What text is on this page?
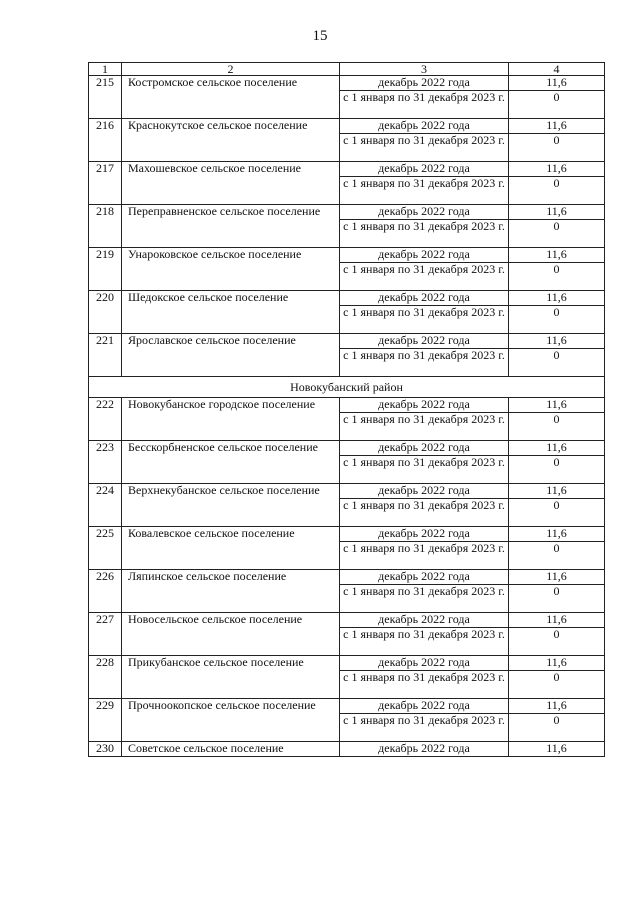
15
1	2	3	4
215	Костромское сельское поселение	декабрь 2022 года	11,6
		с 1 января по 31 декабря 2023 г.	0
216	Краснокутское сельское поселение	декабрь 2022 года	11,6
		с 1 января по 31 декабря 2023 г.	0
217	Махошевское сельское поселение	декабрь 2022 года	11,6
		с 1 января по 31 декабря 2023 г.	0
218	Переправненское сельское поселение	декабрь 2022 года	11,6
		с 1 января по 31 декабря 2023 г.	0
219	Унароковское сельское поселение	декабрь 2022 года	11,6
		с 1 января по 31 декабря 2023 г.	0
220	Шедокское сельское поселение	декабрь 2022 года	11,6
		с 1 января по 31 декабря 2023 г.	0
221	Ярославское сельское поселение	декабрь 2022 года	11,6
		с 1 января по 31 декабря 2023 г.	0
Новокубанский район			
222	Новокубанское городское поселение	декабрь 2022 года	11,6
		с 1 января по 31 декабря 2023 г.	0
223	Бесскорбненское сельское поселение	декабрь 2022 года	11,6
		с 1 января по 31 декабря 2023 г.	0
224	Верхнекубанское сельское поселение	декабрь 2022 года	11,6
		с 1 января по 31 декабря 2023 г.	0
225	Ковалевское сельское поселение	декабрь 2022 года	11,6
		с 1 января по 31 декабря 2023 г.	0
226	Ляпинское сельское поселение	декабрь 2022 года	11,6
		с 1 января по 31 декабря 2023 г.	0
227	Новосельское сельское поселение	декабрь 2022 года	11,6
		с 1 января по 31 декабря 2023 г.	0
228	Прикубанское сельское поселение	декабрь 2022 года	11,6
		с 1 января по 31 декабря 2023 г.	0
229	Прочноокопское сельское поселение	декабрь 2022 года	11,6
		с 1 января по 31 декабря 2023 г.	0
230	Советское сельское поселение	декабрь 2022 года	11,6
